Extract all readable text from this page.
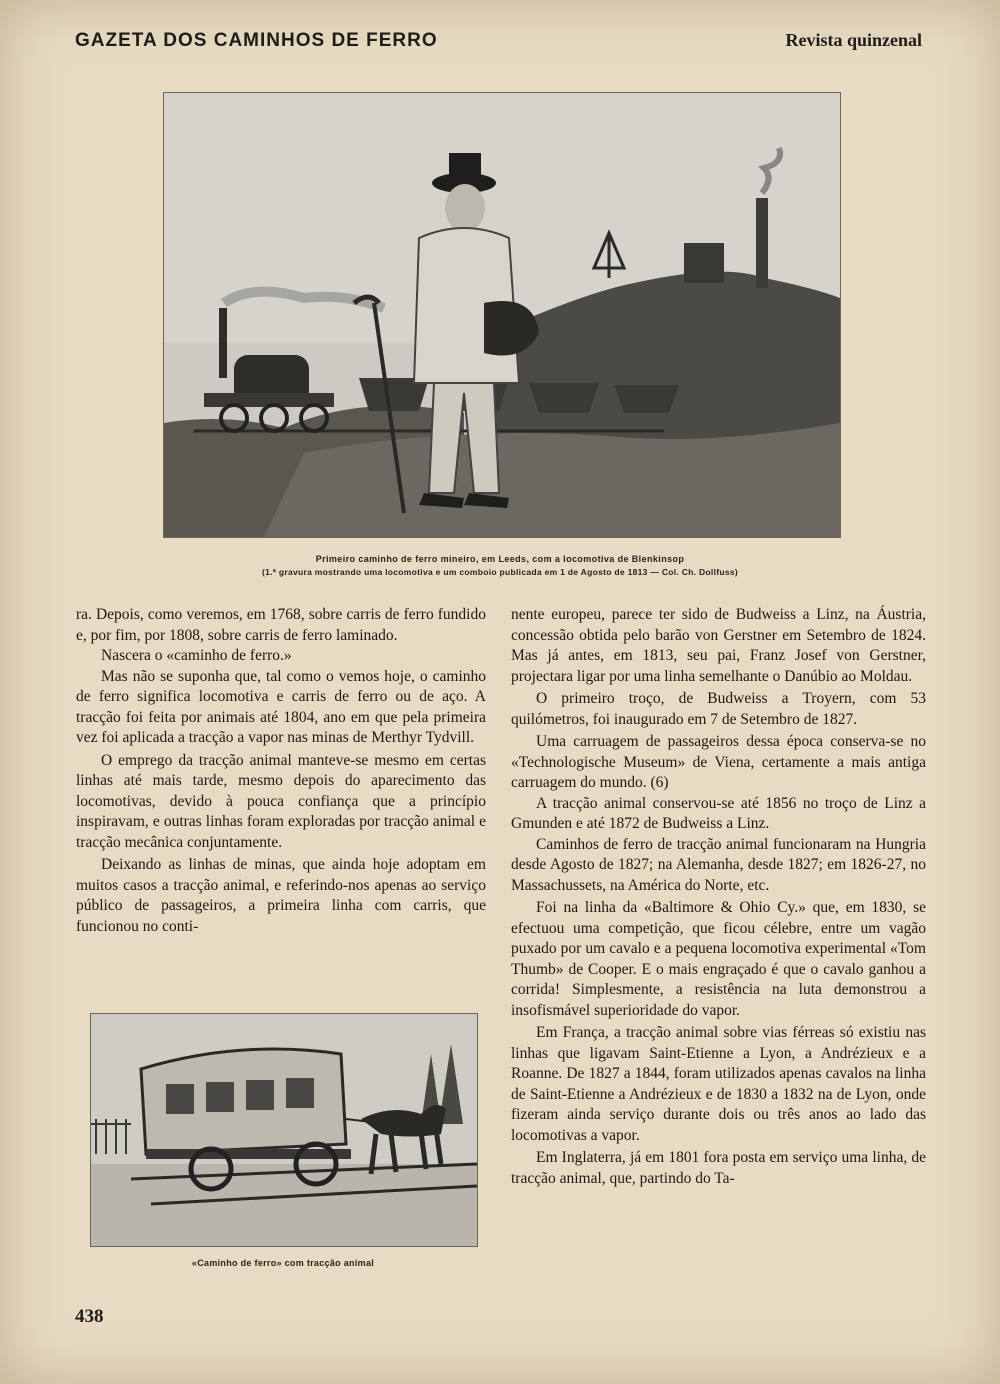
GAZETA DOS CAMINHOS DE FERRO	Revista quinzenal
Primeiro caminho de ferro mineiro, em Leeds, com a locomotiva de Blenkinsop
(1.ª gravura mostrando uma locomotiva e um comboio publicada em 1 de Agosto de 1813 — Col. Ch. Dollfuss)

ra. Depois, como veremos, em 1768, sobre carris de ferro fundido e, por fim, por 1808, sobre carris de ferro laminado.

Nascera o «caminho de ferro.»

Mas não se suponha que, tal como o vemos hoje, o caminho de ferro significa locomotiva e carris de ferro ou de aço. A tracção foi feita por animais até 1804, ano em que pela primeira vez foi aplicada a tracção a vapor nas minas de Merthyr Tydvill.

O emprego da tracção animal manteve-se mesmo em certas linhas até mais tarde, mesmo depois do aparecimento das locomotivas, devido à pouca confiança que a princípio inspiravam, e outras linhas foram exploradas por tracção animal e tracção mecânica conjuntamente.

Deixando as linhas de minas, que ainda hoje adoptam em muitos casos a tracção animal, e referindo-nos apenas ao serviço público de passageiros, a primeira linha com carris, que funcionou no conti-

nente europeu, parece ter sido de Budweiss a Linz, na Áustria, concessão obtida pelo barão von Gerstner em Setembro de 1824. Mas já antes, em 1813, seu pai, Franz Josef von Gerstner, projectara ligar por uma linha semelhante o Danúbio ao Moldau.

O primeiro troço, de Budweiss a Troyern, com 53 quilómetros, foi inaugurado em 7 de Setembro de 1827.

Uma carruagem de passageiros dessa época conserva-se no «Technologische Museum» de Viena, certamente a mais antiga carruagem do mundo. (6)

A tracção animal conservou-se até 1856 no troço de Linz a Gmunden e até 1872 de Budweiss a Linz.

Caminhos de ferro de tracção animal funcionaram na Hungria desde Agosto de 1827; na Alemanha, desde 1827; em 1826-27, no Massachussets, na América do Norte, etc.

Foi na linha da «Baltimore & Ohio Cy.» que, em 1830, se efectuou uma competição, que ficou célebre, entre um vagão puxado por um cavalo e a pequena locomotiva experimental «Tom Thumb» de Cooper. E o mais engraçado é que o cavalo ganhou a corrida! Simplesmente, a resistência na luta demonstrou a insofismável superioridade do vapor.

Em França, a tracção animal sobre vias férreas só existiu nas linhas que ligavam Saint-Etienne a Lyon, a Andrézieux e a Roanne. De 1827 a 1844, foram utilizados apenas cavalos na linha de Saint-Etienne a Andrézieux e de 1830 a 1832 na de Lyon, onde fizeram ainda serviço durante dois ou três anos ao lado das locomotivas a vapor.

Em Inglaterra, já em 1801 fora posta em serviço uma linha, de tracção animal, que, partindo do Ta-

«Caminho de ferro» com tracção animal
438
